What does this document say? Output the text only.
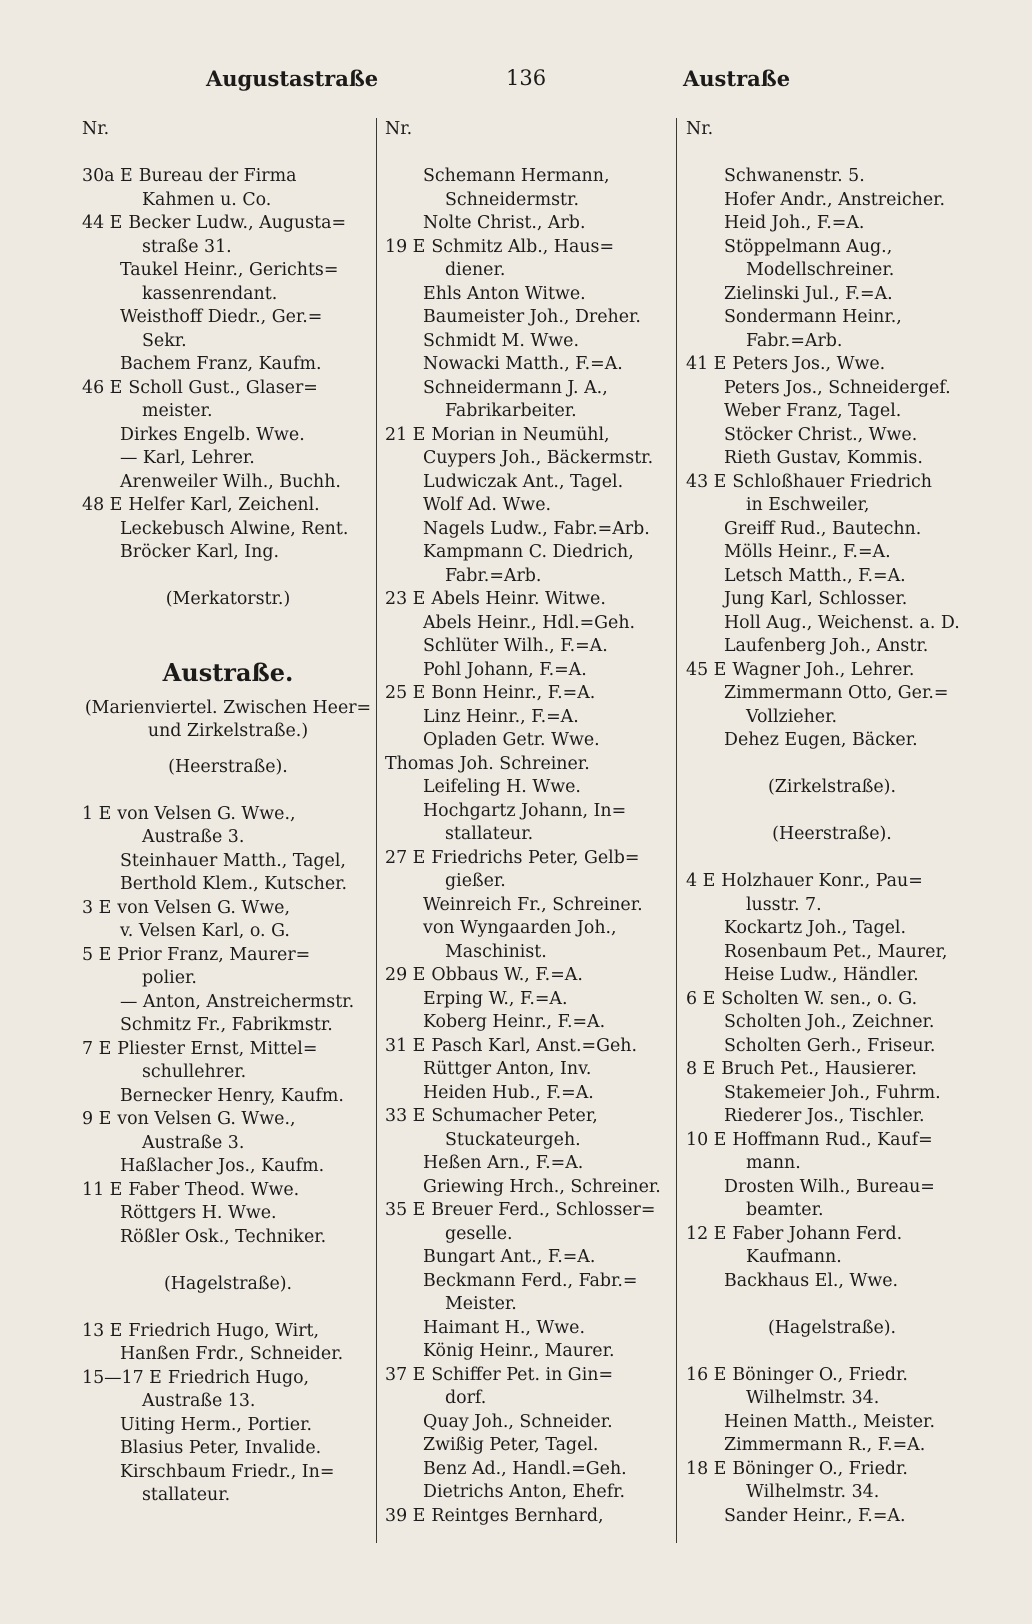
Augustastraße	136	Austraße
Nr.
30a E Bureau der Firma
Kahmen u. Co.
44 E Becker Ludw., Augusta=
straße 31.
Taukel Heinr., Gerichts=
kassenrendant.
Weisthoff Diedr., Ger.=
Sekr.
Bachem Franz, Kaufm.
46 E Scholl Gust., Glaser=
meister.
Dirkes Engelb. Wwe.
— Karl, Lehrer.
Arenweiler Wilh., Buchh.
48 E Helfer Karl, Zeichenl.
Leckebusch Alwine, Rent.
Bröcker Karl, Ing.
(Merkatorstr.)
Austraße.
(Marienviertel. Zwischen Heer=
und Zirkelstraße.)
(Heerstraße).
1 E von Velsen G. Wwe.,
Austraße 3.
Steinhauer Matth., Tagel,
Berthold Klem., Kutscher.
3 E von Velsen G. Wwe,
v. Velsen Karl, o. G.
5 E Prior Franz, Maurer=
polier.
— Anton, Anstreichermstr.
Schmitz Fr., Fabrikmstr.
7 E Pliester Ernst, Mittel=
schullehrer.
Bernecker Henry, Kaufm.
9 E von Velsen G. Wwe.,
Austraße 3.
Haßlacher Jos., Kaufm.
11 E Faber Theod. Wwe.
Röttgers H. Wwe.
Rößler Osk., Techniker.
(Hagelstraße).
13 E Friedrich Hugo, Wirt,
Hanßen Frdr., Schneider.
15—17 E Friedrich Hugo,
Austraße 13.
Uiting Herm., Portier.
Blasius Peter, Invalide.
Kirschbaum Friedr., In=
stallateur.
Nr.
Schemann Hermann,
Schneidermstr.
Nolte Christ., Arb.
19 E Schmitz Alb., Haus=
diener.
Ehls Anton Witwe.
Baumeister Joh., Dreher.
Schmidt M. Wwe.
Nowacki Matth., F.=A.
Schneidermann J. A.,
Fabrikarbeiter.
21 E Morian in Neumühl,
Cuypers Joh., Bäckermstr.
Ludwiczak Ant., Tagel.
Wolf Ad. Wwe.
Nagels Ludw., Fabr.=Arb.
Kampmann C. Diedrich,
Fabr.=Arb.
23 E Abels Heinr. Witwe.
Abels Heinr., Hdl.=Geh.
Schlüter Wilh., F.=A.
Pohl Johann, F.=A.
25 E Bonn Heinr., F.=A.
Linz Heinr., F.=A.
Opladen Getr. Wwe.
Thomas Joh. Schreiner.
Leifeling H. Wwe.
Hochgartz Johann, In=
stallateur.
27 E Friedrichs Peter, Gelb=
gießer.
Weinreich Fr., Schreiner.
von Wyngaarden Joh.,
Maschinist.
29 E Obbaus W., F.=A.
Erping W., F.=A.
Koberg Heinr., F.=A.
31 E Pasch Karl, Anst.=Geh.
Rüttger Anton, Inv.
Heiden Hub., F.=A.
33 E Schumacher Peter,
Stuckateurgeh.
Heßen Arn., F.=A.
Griewing Hrch., Schreiner.
35 E Breuer Ferd., Schlosser=
geselle.
Bungart Ant., F.=A.
Beckmann Ferd., Fabr.=
Meister.
Haimant H., Wwe.
König Heinr., Maurer.
37 E Schiffer Pet. in Gin=
dorf.
Quay Joh., Schneider.
Zwißig Peter, Tagel.
Benz Ad., Handl.=Geh.
Dietrichs Anton, Ehefr.
39 E Reintges Bernhard,
Nr.
Schwanenstr. 5.
Hofer Andr., Anstreicher.
Heid Joh., F.=A.
Stöppelmann Aug.,
Modellschreiner.
Zielinski Jul., F.=A.
Sondermann Heinr.,
Fabr.=Arb.
41 E Peters Jos., Wwe.
Peters Jos., Schneidergef.
Weber Franz, Tagel.
Stöcker Christ., Wwe.
Rieth Gustav, Kommis.
43 E Schloßhauer Friedrich
in Eschweiler,
Greiff Rud., Bautechn.
Mölls Heinr., F.=A.
Letsch Matth., F.=A.
Jung Karl, Schlosser.
Holl Aug., Weichenst. a. D.
Laufenberg Joh., Anstr.
45 E Wagner Joh., Lehrer.
Zimmermann Otto, Ger.=
Vollzieher.
Dehez Eugen, Bäcker.
(Zirkelstraße).
(Heerstraße).
4 E Holzhauer Konr., Pau=
lusstr. 7.
Kockartz Joh., Tagel.
Rosenbaum Pet., Maurer,
Heise Ludw., Händler.
6 E Scholten W. sen., o. G.
Scholten Joh., Zeichner.
Scholten Gerh., Friseur.
8 E Bruch Pet., Hausierer.
Stakemeier Joh., Fuhrm.
Riederer Jos., Tischler.
10 E Hoffmann Rud., Kauf=
mann.
Drosten Wilh., Bureau=
beamter.
12 E Faber Johann Ferd.
Kaufmann.
Backhaus El., Wwe.
(Hagelstraße).
16 E Böninger O., Friedr.
Wilhelmstr. 34.
Heinen Matth., Meister.
Zimmermann R., F.=A.
18 E Böninger O., Friedr.
Wilhelmstr. 34.
Sander Heinr., F.=A.
